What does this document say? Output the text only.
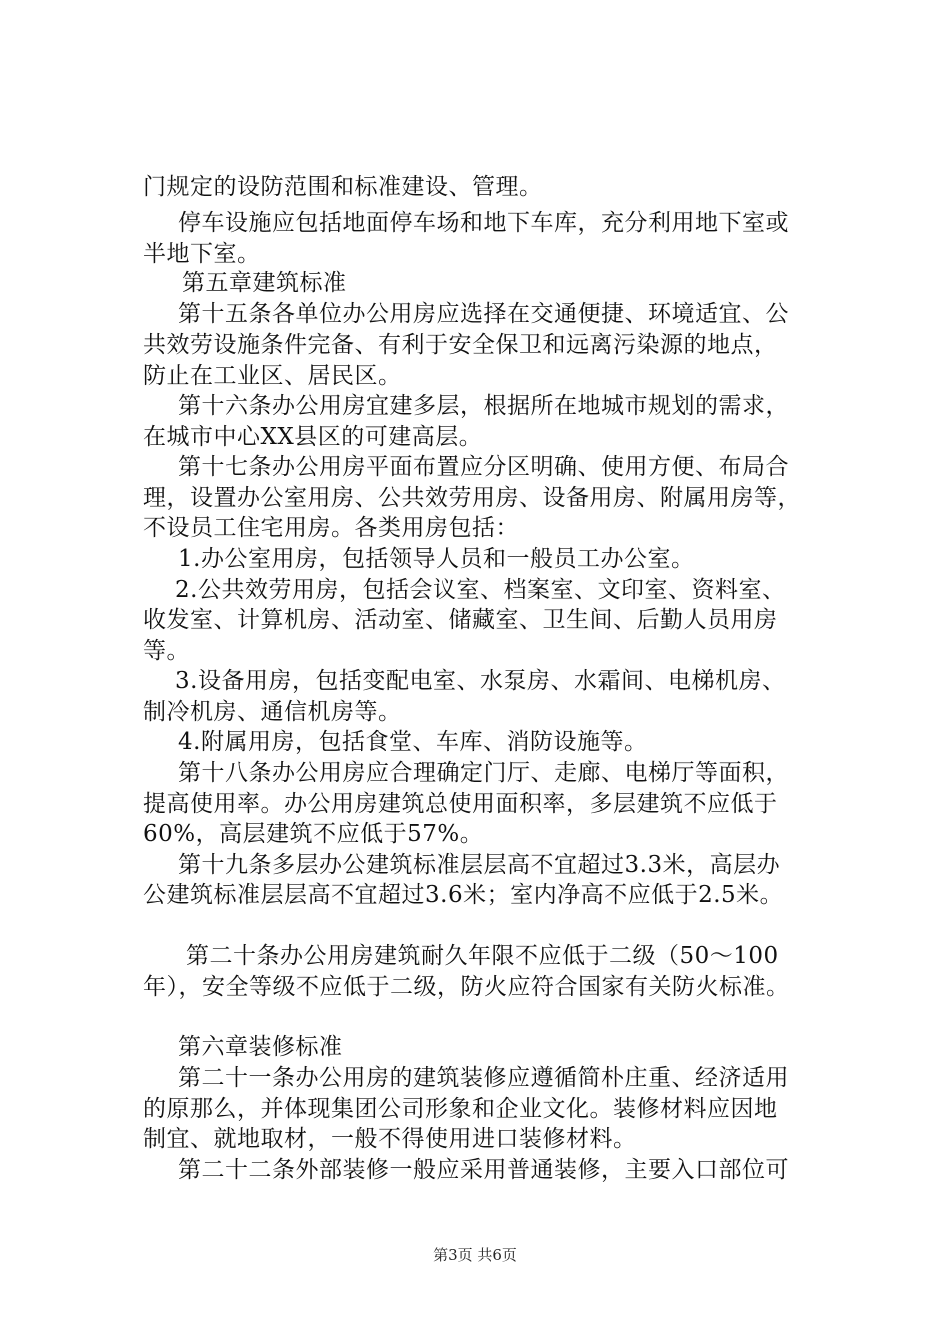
门规定的设防范围和标准建设、管理。
停车设施应包括地面停车场和地下车库，充分利用地下室或
半地下室。
第五章建筑标准
第十五条各单位办公用房应选择在交通便捷、环境适宜、公
共效劳设施条件完备、有利于安全保卫和远离污染源的地点，
防止在工业区、居民区。
第十六条办公用房宜建多层，根据所在地城市规划的需求，
在城市中心XX县区的可建高层。
第十七条办公用房平面布置应分区明确、使用方便、布局合
理，设置办公室用房、公共效劳用房、设备用房、附属用房等，
不设员工住宅用房。各类用房包括：
1.办公室用房，包括领导人员和一般员工办公室。
2.公共效劳用房，包括会议室、档案室、文印室、资料室、
收发室、计算机房、活动室、储藏室、卫生间、后勤人员用房
等。
3.设备用房，包括变配电室、水泵房、水霜间、电梯机房、
制冷机房、通信机房等。
4.附属用房，包括食堂、车库、消防设施等。
第十八条办公用房应合理确定门厅、走廊、电梯厅等面积，
提高使用率。办公用房建筑总使用面积率，多层建筑不应低于
60%，高层建筑不应低于57%。
第十九条多层办公建筑标准层层高不宜超过3.3米，高层办
公建筑标准层层高不宜超过3.6米；室内净高不应低于2.5米。
第二十条办公用房建筑耐久年限不应低于二级（50～100
年），安全等级不应低于二级，防火应符合国家有关防火标准。
第六章装修标准
第二十一条办公用房的建筑装修应遵循简朴庄重、经济适用
的原那么，并体现集团公司形象和企业文化。装修材料应因地
制宜、就地取材，一般不得使用进口装修材料。
第二十二条外部装修一般应采用普通装修，主要入口部位可
第3页 共6页
